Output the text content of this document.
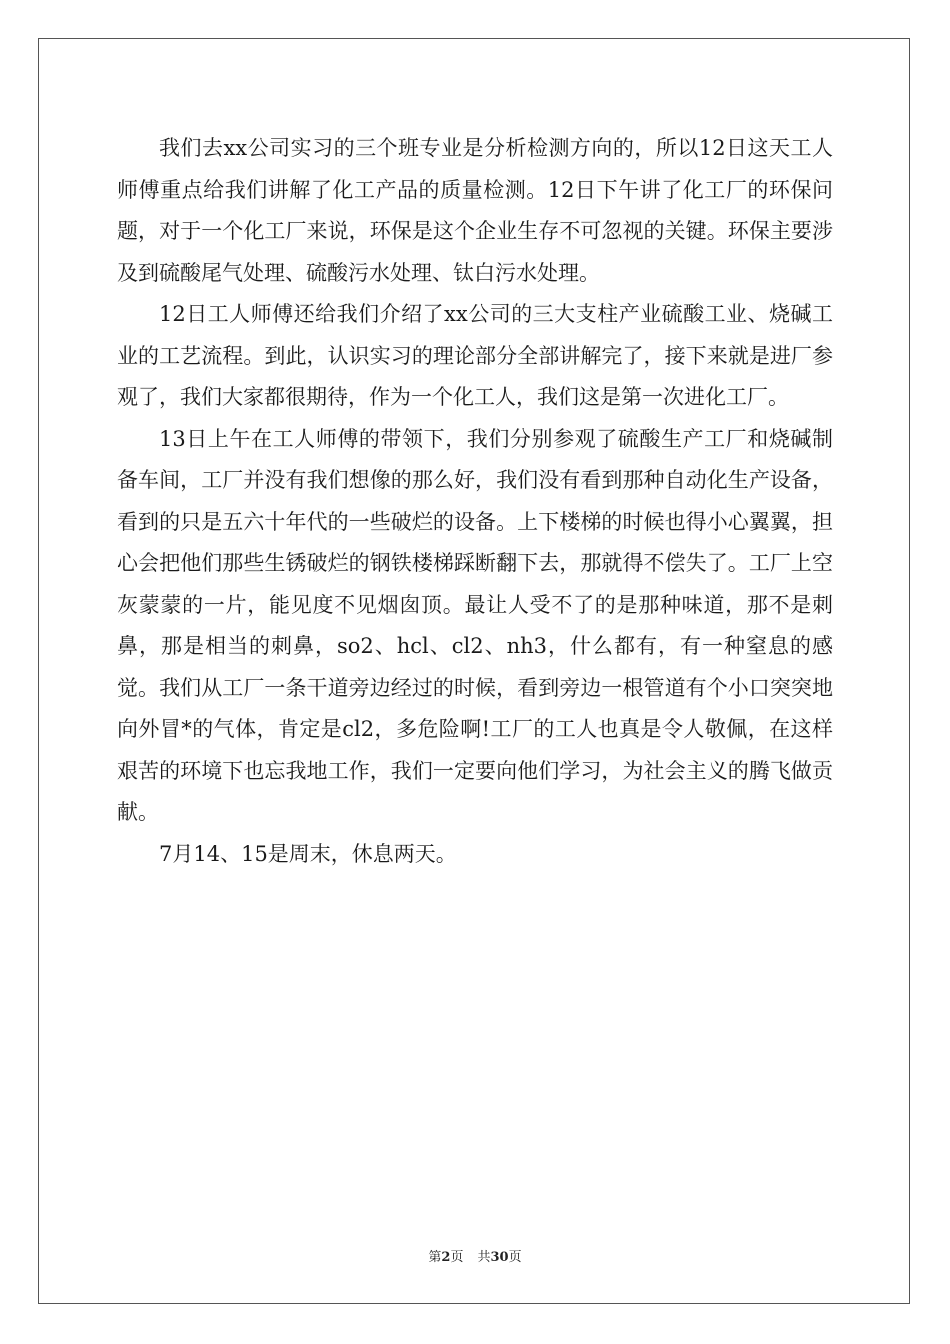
我们去xx公司实习的三个班专业是分析检测方向的，所以12日这天工人师傅重点给我们讲解了化工产品的质量检测。12日下午讲了化工厂的环保问题，对于一个化工厂来说，环保是这个企业生存不可忽视的关键。环保主要涉及到硫酸尾气处理、硫酸污水处理、钛白污水处理。

12日工人师傅还给我们介绍了xx公司的三大支柱产业硫酸工业、烧碱工业的工艺流程。到此，认识实习的理论部分全部讲解完了，接下来就是进厂参观了，我们大家都很期待，作为一个化工人，我们这是第一次进化工厂。

13日上午在工人师傅的带领下，我们分别参观了硫酸生产工厂和烧碱制备车间，工厂并没有我们想像的那么好，我们没有看到那种自动化生产设备，看到的只是五六十年代的一些破烂的设备。上下楼梯的时候也得小心翼翼，担心会把他们那些生锈破烂的钢铁楼梯踩断翻下去，那就得不偿失了。工厂上空灰蒙蒙的一片，能见度不见烟囱顶。最让人受不了的是那种味道，那不是刺鼻，那是相当的刺鼻，so2、hcl、cl2、nh3，什么都有，有一种窒息的感觉。我们从工厂一条干道旁边经过的时候，看到旁边一根管道有个小口突突地向外冒*的气体，肯定是cl2，多危险啊!工厂的工人也真是令人敬佩，在这样艰苦的环境下也忘我地工作，我们一定要向他们学习，为社会主义的腾飞做贡献。

7月14、15是周末，休息两天。

第2页 共30页
